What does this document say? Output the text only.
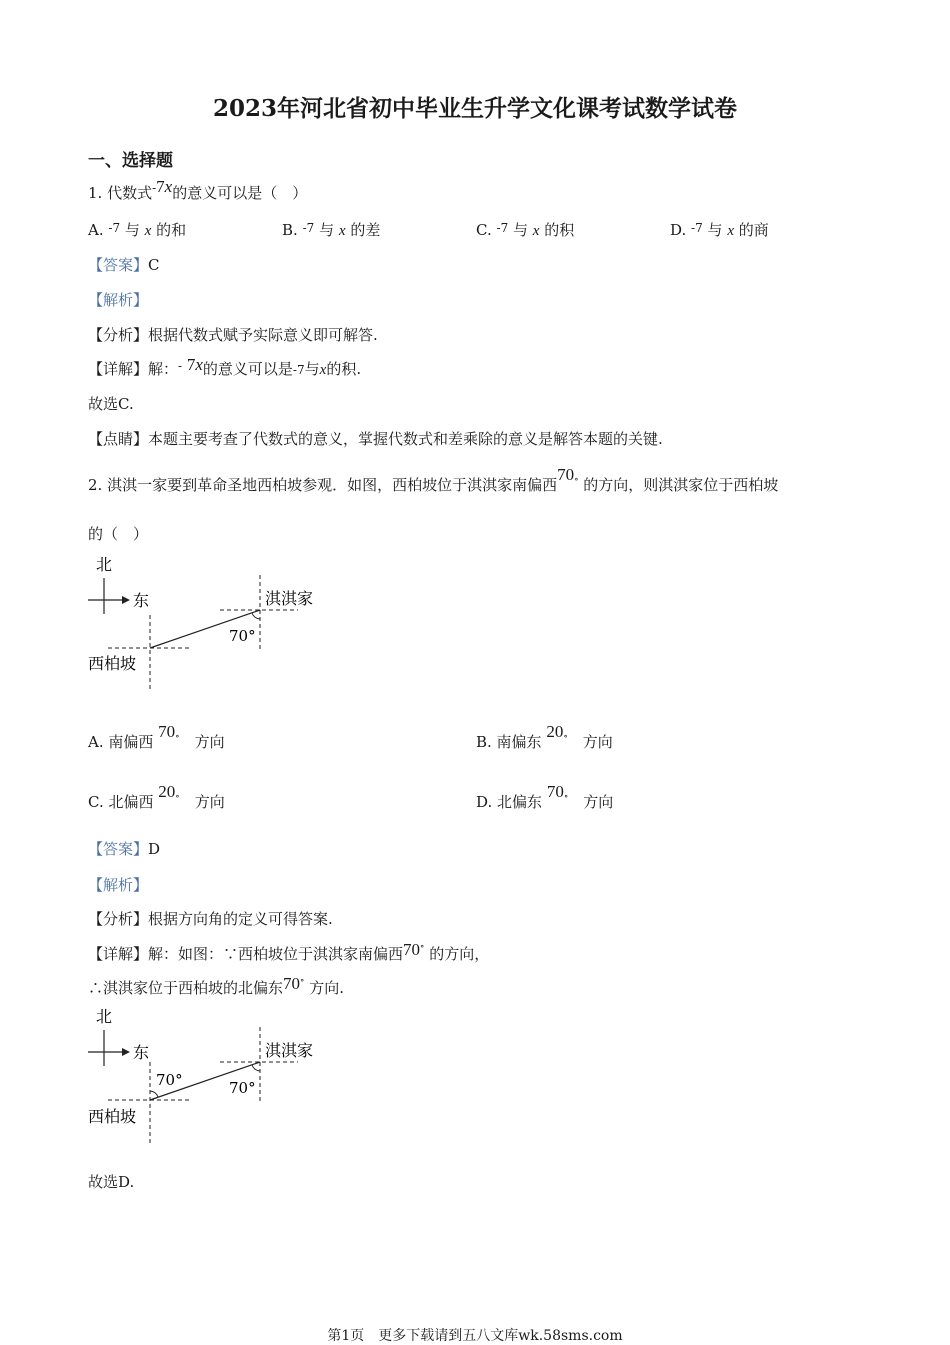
2023年河北省初中毕业生升学文化课考试数学试卷
一、选择题
1. 代数式-7x的意义可以是（　）
A. $^{-7}$ 与 x 的和	B. $^{-7}$ 与 x 的差	C. $^{-7}$ 与 x 的积	D. $^{-7}$ 与 x 的商
【答案】C
【解析】
【分析】根据代数式赋予实际意义即可解答.
【详解】解：- 7x的意义可以是-7与x的积.
故选C.
【点睛】本题主要考查了代数式的意义，掌握代数式和差乘除的意义是解答本题的关键.
2. 淇淇一家要到革命圣地西柏坡参观．如图，西柏坡位于淇淇家南偏西70∘ 的方向，则淇淇家位于西柏坡
的（　）
北
东	淇淇家
70°
西柏坡
A. 南偏西 70∘　 方向	B. 南偏东 20∘　 方向
C. 北偏西 20∘　 方向	D. 北偏东 70∘　 方向
【答案】D
【解析】
【分析】根据方向角的定义可得答案.
【详解】解：如图：∵西柏坡位于淇淇家南偏西70∘ 的方向，
∴淇淇家位于西柏坡的北偏东70∘ 方向.
北
东	淇淇家
70°	70°
西柏坡
故选D.
第1页　更多下载请到五八文库wk.58sms.com
